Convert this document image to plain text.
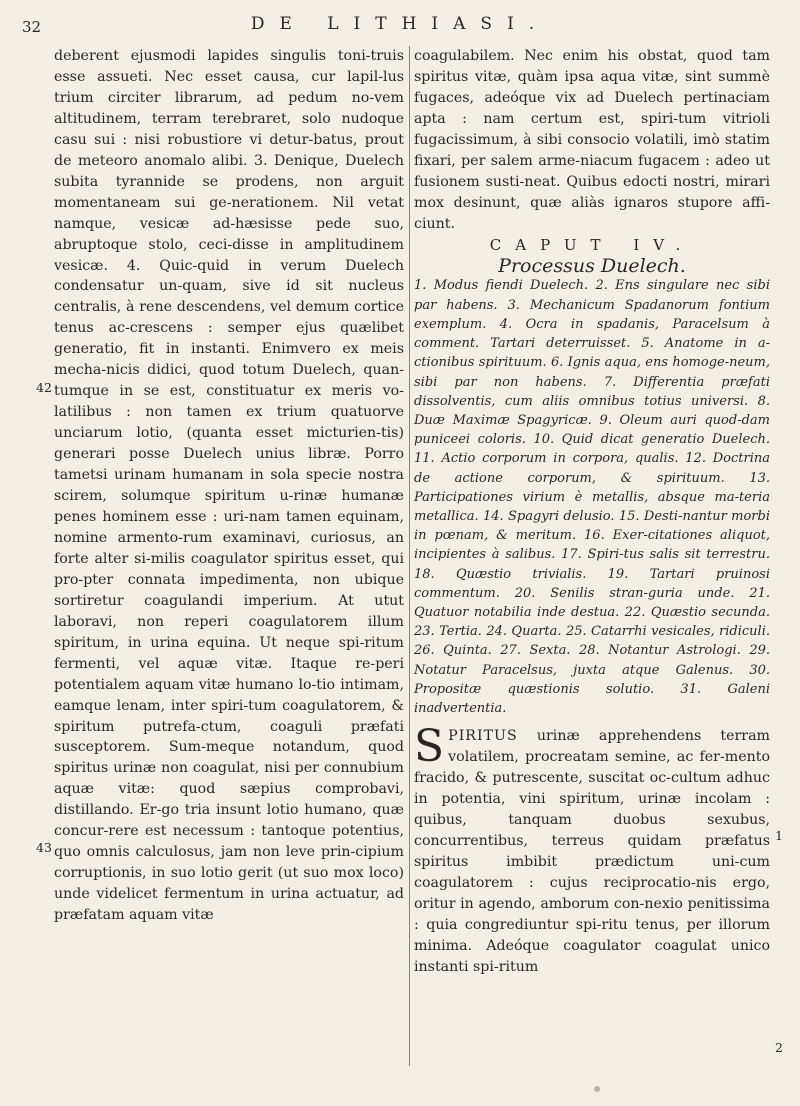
32	DE LITHIASI.

deberent ejusmodi lapides singulis toni-truis esse assueti. Nec esset causa, cur lapil-lus trium circiter librarum, ad pedum no-vem altitudinem, terram terebraret, solo nudoque casu sui : nisi robustiore vi detur-batus, prout de meteoro anomalo alibi. 3. Denique, Duelech subita tyrannide se prodens, non arguit momentaneam sui ge-nerationem. Nil vetat namque, vesicæ ad-hæsisse pede suo, abruptoque stolo, ceci-disse in amplitudinem vesicæ. 4. Quic-quid in verum Duelech condensatur un-quam, sive id sit nucleus centralis, à rene descendens, vel demum cortice tenus ac-crescens : semper ejus quælibet generatio, fit in instanti. Enimvero ex meis mecha-nicis didici, quod totum Duelech, quan-tumque in se est, constituatur ex meris vo-latilibus : non tamen ex trium quatuorve unciarum lotio, (quanta esset micturien-tis) generari posse Duelech unius libræ. Porro tametsi urinam humanam in sola specie nostra scirem, solumque spiritum u-rinæ humanæ penes hominem esse : uri-nam tamen equinam, nomine armento-rum examinavi, curiosus, an forte alter si-milis coagulator spiritus esset, qui pro-pter connata impedimenta, non ubique sortiretur coagulandi imperium. At utut laboravi, non reperi coagulatorem illum spiritum, in urina equina. Ut neque spi-ritum fermenti, vel aquæ vitæ. Itaque re-peri potentialem aquam vitæ humano lo-tio intimam, eamque lenam, inter spiri-tum coagulatorem, & spiritum putrefa-ctum, coaguli præfati susceptorem. Sum-meque notandum, quod spiritus urinæ non coagulat, nisi per connubium aquæ vitæ: quod sæpius comprobavi, distillando. Er-go tria insunt lotio humano, quæ concur-rere est necessum : tantoque potentius, quo omnis calculosus, jam non leve prin-cipium corruptionis, in suo lotio gerit (ut suo mox loco) unde videlicet fermentum in urina actuatur, ad præfatam aquam vitæ

42
43

coagulabilem. Nec enim his obstat, quod tam spiritus vitæ, quàm ipsa aqua vitæ, sint summè fugaces, adeóque vix ad Duelech pertinaciam apta : nam certum est, spiri-tum vitrioli fugacissimum, à sibi consocio volatili, imò statim fixari, per salem arme-niacum fugacem : adeo ut fusionem susti-neat. Quibus edocti nostri, mirari mox desinunt, quæ aliàs ignaros stupore affi-ciunt.

CAPUT IV.

Processus Duelech.

1. Modus fiendi Duelech. 2. Ens singulare nec sibi par habens. 3. Mechanicum Spadanorum fontium exemplum. 4. Ocra in spadanis, Paracelsum à comment. Tartari deterruisset. 5. Anatome in a-ctionibus spirituum. 6. Ignis aqua, ens homoge-neum, sibi par non habens. 7. Differentia præfati dissolventis, cum aliis omnibus totius universi. 8. Duæ Maximæ Spagyricæ. 9. Oleum auri quod-dam puniceei coloris. 10. Quid dicat generatio Duelech. 11. Actio corporum in corpora, qualis. 12. Doctrina de actione corporum, & spirituum. 13. Participationes virium è metallis, absque ma-teria metallica. 14. Spagyri delusio. 15. Desti-nantur morbi in pœnam, & meritum. 16. Exer-citationes aliquot, incipientes à salibus. 17. Spiri-tus salis sit terrestru. 18. Quæstio trivialis. 19. Tartari pruinosi commentum. 20. Senilis stran-guria unde. 21. Quatuor notabilia inde destua. 22. Quæstio secunda. 23. Tertia. 24. Quarta. 25. Catarrhi vesicales, ridiculi. 26. Quinta. 27. Sexta. 28. Notantur Astrologi. 29. Notatur Paracelsus, juxta atque Galenus. 30. Propositæ quæstionis solutio. 31. Galeni inadvertentia.

SPIRITUS urinæ apprehendens terram volatilem, procreatam semine, ac fer-mento fracido, & putrescente, suscitat oc-cultum adhuc in potentia, vini spiritum, urinæ incolam : quibus, tanquam duobus sexubus, concurrentibus, terreus quidam præfatus spiritus imbibit prædictum uni-cum coagulatorem : cujus reciprocatio-nis ergo, oritur in agendo, amborum con-nexio penitissima : quia congrediuntur spi-ritu tenus, per illorum minima. Adeóque coagulator coagulat unico instanti spi-ritum

1
2
